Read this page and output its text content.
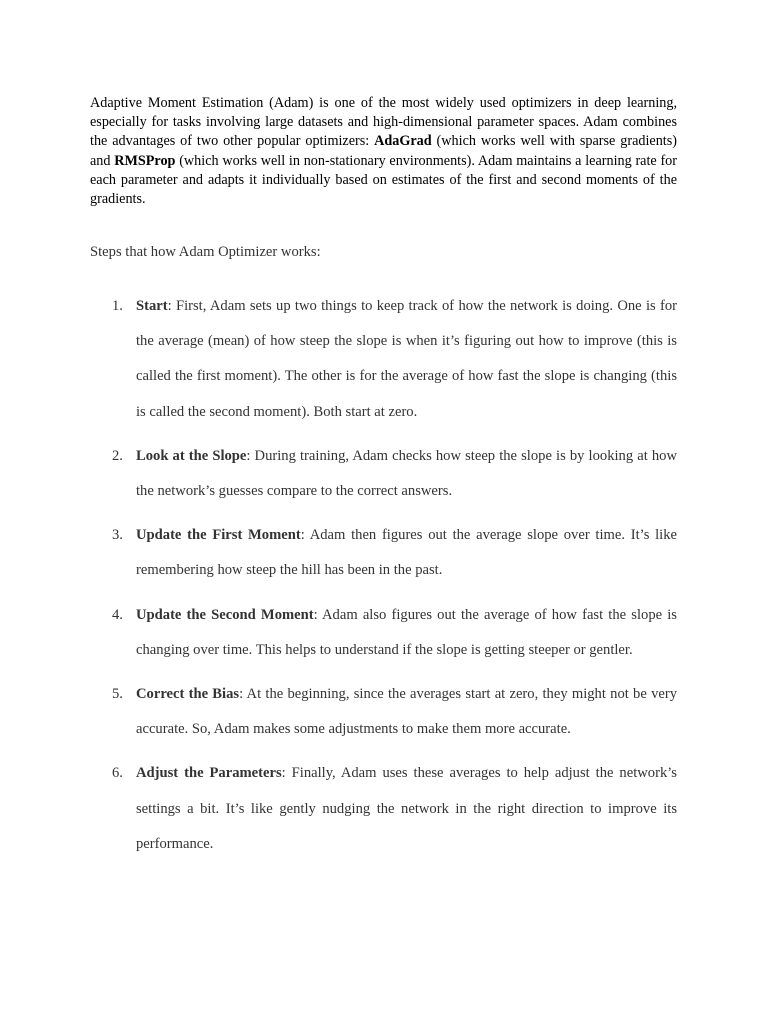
Adaptive Moment Estimation (Adam) is one of the most widely used optimizers in deep learning, especially for tasks involving large datasets and high-dimensional parameter spaces. Adam combines the advantages of two other popular optimizers: AdaGrad (which works well with sparse gradients) and RMSProp (which works well in non-stationary environments). Adam maintains a learning rate for each parameter and adapts it individually based on estimates of the first and second moments of the gradients.

Steps that how Adam Optimizer works:

1. Start: First, Adam sets up two things to keep track of how the network is doing. One is for the average (mean) of how steep the slope is when it’s figuring out how to improve (this is called the first moment). The other is for the average of how fast the slope is changing (this is called the second moment). Both start at zero.
2. Look at the Slope: During training, Adam checks how steep the slope is by looking at how the network’s guesses compare to the correct answers.
3. Update the First Moment: Adam then figures out the average slope over time. It’s like remembering how steep the hill has been in the past.
4. Update the Second Moment: Adam also figures out the average of how fast the slope is changing over time. This helps to understand if the slope is getting steeper or gentler.
5. Correct the Bias: At the beginning, since the averages start at zero, they might not be very accurate. So, Adam makes some adjustments to make them more accurate.
6. Adjust the Parameters: Finally, Adam uses these averages to help adjust the network’s settings a bit. It’s like gently nudging the network in the right direction to improve its performance.
